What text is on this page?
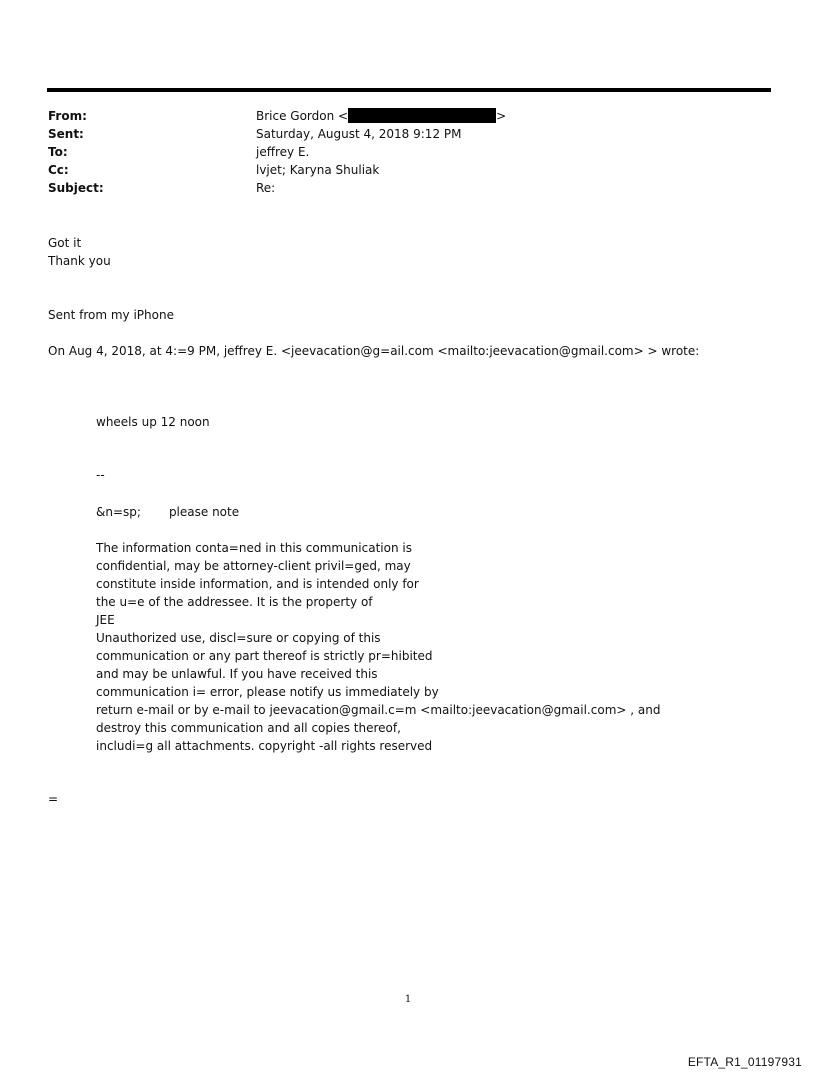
From:	Brice Gordon <	>
Sent:	Saturday, August 4, 2018 9:12 PM
To:	jeffrey E.
Cc:	lvjet; Karyna Shuliak
Subject:	Re:
Got it
Thank you
Sent from my iPhone
On Aug 4, 2018, at 4:=9 PM, jeffrey E. <jeevacation@g=ail.com <mailto:jeevacation@gmail.com> > wrote:
wheels up 12 noon
--
&n=sp; please note
The information conta=ned in this communication is
confidential, may be attorney-client privil=ged, may
constitute inside information, and is intended only for
the u=e of the addressee. It is the property of
JEE
Unauthorized use, discl=sure or copying of this
communication or any part thereof is strictly pr=hibited
and may be unlawful. If you have received this
communication i= error, please notify us immediately by
return e-mail or by e-mail to jeevacation@gmail.c=m <mailto:jeevacation@gmail.com> , and
destroy this communication and all copies thereof,
includi=g all attachments. copyright -all rights reserved
=
1
EFTA_R1_01197931
